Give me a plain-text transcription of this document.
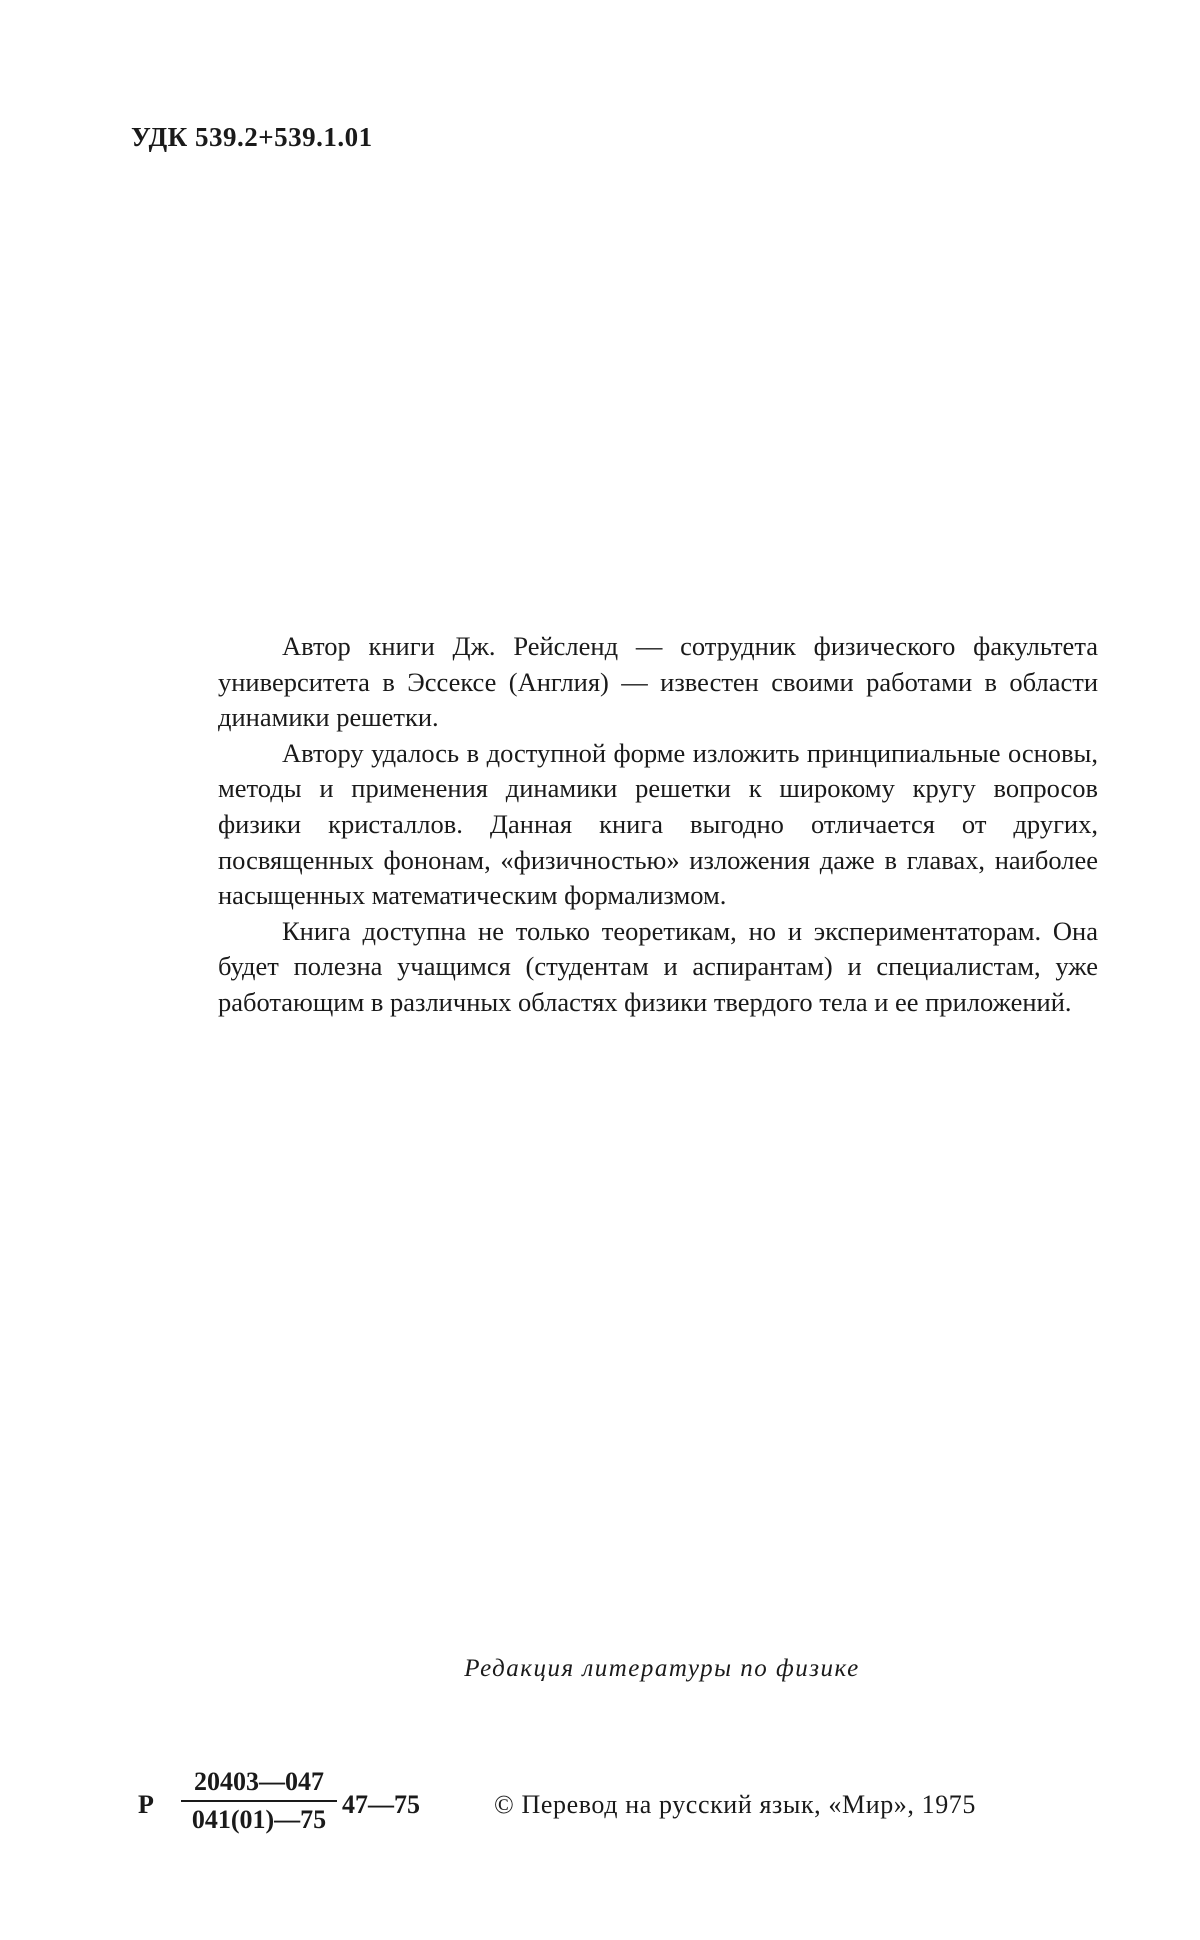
УДК 539.2+539.1.01

Автор книги Дж. Рейсленд — сотрудник физического факультета университета в Эссексе (Англия) — известен своими работами в области динамики решетки.

Автору удалось в доступной форме изложить принципиальные основы, методы и применения динамики решетки к широкому кругу вопросов физики кристаллов. Данная книга выгодно отличается от других, посвященных фононам, «физичностью» изложения даже в главах, наиболее насыщенных математическим формализмом.

Книга доступна не только теоретикам, но и экспериментаторам. Она будет полезна учащимся (студентам и аспирантам) и специалистам, уже работающим в различных областях физики твердого тела и ее приложений.

Редакция литературы по физике
Р
20403—047
041(01)—75
47—75	© Перевод на русский язык, «Мир», 1975
